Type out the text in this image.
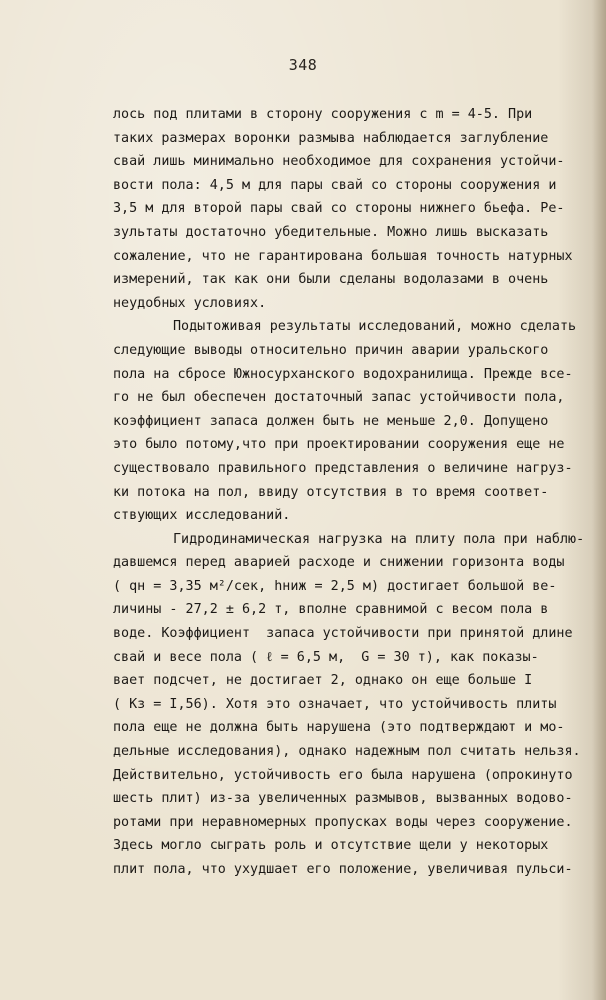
348
лось под плитами в сторону сооружения с m = 4-5. При
таких размерах воронки размыва наблюдается заглубление
свай лишь минимально необходимое для сохранения устойчи-
вости пола: 4,5 м для пары свай со стороны сооружения и
3,5 м для второй пары свай со стороны нижнего бьефа. Ре-
зультаты достаточно убедительные. Можно лишь высказать
сожаление, что не гарантирована большая точность натурных
измерений, так как они были сделаны водолазами в очень
неудобных условиях.
Подытоживая результаты исследований, можно сделать
следующие выводы относительно причин аварии уральского
пола на сбросе Южносурханского водохранилища. Прежде все-
го не был обеспечен достаточный запас устойчивости пола,
коэффициент запаса должен быть не меньше 2,0. Допущено
это было потому,что при проектировании сооружения еще не
существовало правильного представления о величине нагруз-
ки потока на пол, ввиду отсутствия в то время соответ-
ствующих исследований.
Гидродинамическая нагрузка на плиту пола при наблю-
давшемся перед аварией расходе и снижении горизонта воды
( qн = 3,35 м²/сек, hниж = 2,5 м) достигает большой ве-
личины - 27,2 ± 6,2 т, вполне сравнимой с весом пола в
воде. Коэффициент  запаса устойчивости при принятой длине
свай и весе пола ( ℓ = 6,5 м,  G = 30 т), как показы-
вает подсчет, не достигает 2, однако он еще больше I
( Kз = I,56). Хотя это означает, что устойчивость плиты
пола еще не должна быть нарушена (это подтверждают и мо-
дельные исследования), однако надежным пол считать нельзя.
Действительно, устойчивость его была нарушена (опрокинуто
шесть плит) из-за увеличенных размывов, вызванных водово-
ротами при неравномерных пропусках воды через сооружение.
Здесь могло сыграть роль и отсутствие щели у некоторых
плит пола, что ухудшает его положение, увеличивая пульси-
